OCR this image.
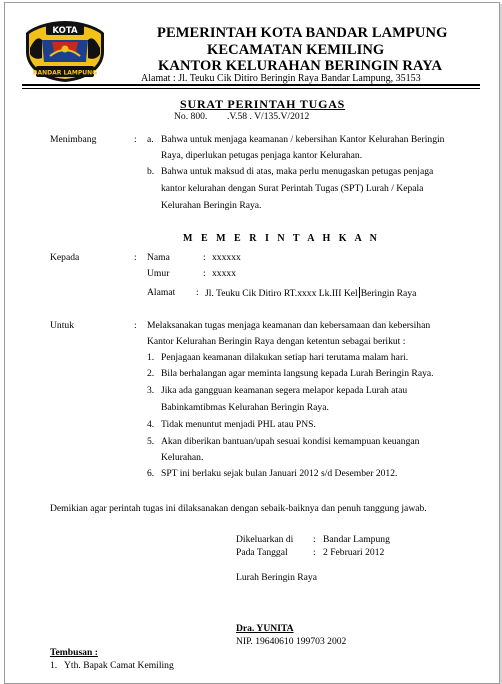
KOTA
BANDAR LAMPUNG
PEMERINTAH KOTA BANDAR LAMPUNG
KECAMATAN KEMILING
KANTOR KELURAHAN BERINGIN RAYA
Alamat : Jl. Teuku Cik Ditiro Beringin Raya Bandar Lampung, 35153
SURAT PERINTAH TUGAS
No. 800. .V.58 . V/135.V/2012
Menimbang	: a. Bahwa untuk menjaga keamanan / kebersihan Kantor Kelurahan Beringin
Raya, diperlukan petugas penjaga kantor Kelurahan.
b. Bahwa untuk maksud di atas, maka perlu menugaskan petugas penjaga
kantor kelurahan dengan Surat Perintah Tugas (SPT) Lurah / Kepala
Kelurahan Beringin Raya.
M E M E R I N T A H K A N
Kepada	: Nama	: xxxxxx
Umur	: xxxxx
Alamat : Jl. Teuku Cik Ditiro RT.xxxx Lk.III Kel Beringin Raya
Untuk	: Melaksanakan tugas menjaga keamanan dan kebersamaan dan kebersihan
Kantor Kelurahan Beringin Raya dengan ketentun sebagai berikut :
1. Penjagaan keamanan dilakukan setiap hari terutama malam hari.
2. Bila berhalangan agar meminta langsung kepada Lurah Beringin Raya.
3. Jika ada gangguan keamanan segera melapor kepada Lurah atau
Babinkamtibmas Kelurahan Beringin Raya.
4. Tidak menuntut menjadi PHL atau PNS.
5. Akan diberikan bantuan/upah sesuai kondisi kemampuan keuangan
Kelurahan.
6. SPT ini berlaku sejak bulan Januari 2012 s/d Desember 2012.
Demikian agar perintah tugas ini dilaksanakan dengan sebaik-baiknya dan penuh tanggung jawab.
Dikeluarkan di : Bandar Lampung
Pada Tanggal	: 2 Februari 2012
Lurah Beringin Raya
Dra. YUNITA
NIP. 19640610 199703 2002
Tembusan :
1. Yth. Bapak Camat Kemiling
